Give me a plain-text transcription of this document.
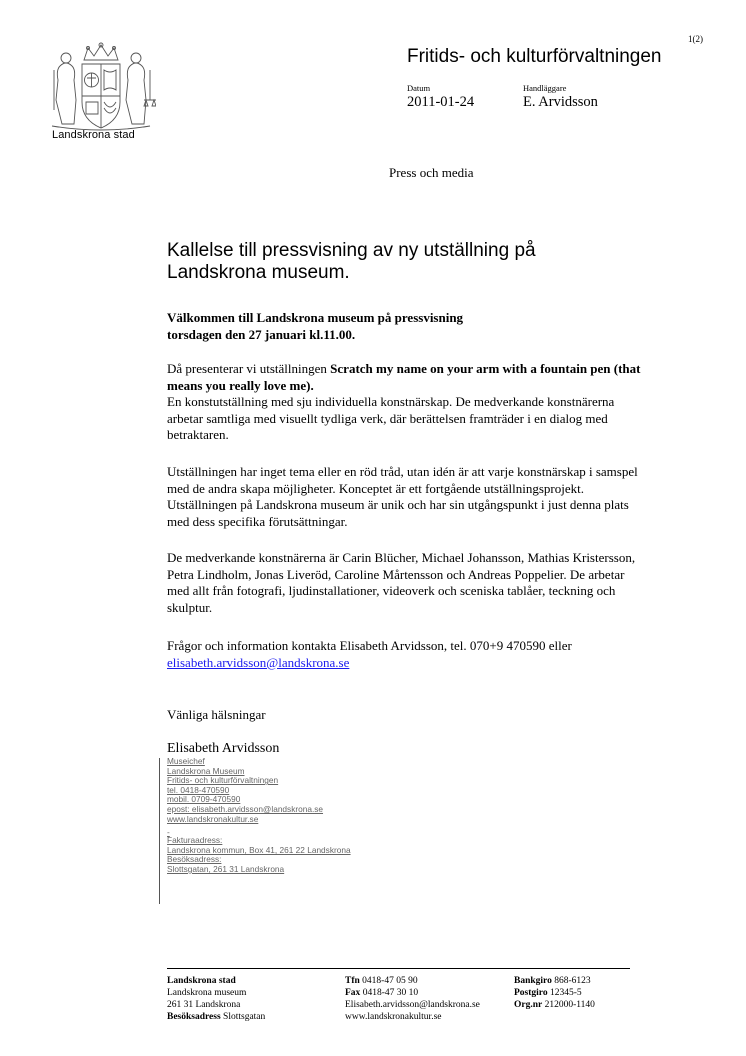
1(2)
Landskrona stad
Fritids- och kulturförvaltningen
Datum
2011-01-24
Handläggare
E. Arvidsson
Press och media
Kallelse till pressvisning av ny utställning på Landskrona museum.
Välkommen till Landskrona museum på pressvisning
torsdagen den 27 januari kl.11.00.
Då presenterar vi utställningen Scratch my name on your arm with a fountain pen (that means you really love me).
En konstutställning med sju individuella konstnärskap. De medverkande konstnärerna arbetar samtliga med visuellt tydliga verk, där berättelsen framträder i en dialog med betraktaren.
Utställningen har inget tema eller en röd tråd, utan idén är att varje konstnärskap i samspel med de andra skapa möjligheter. Konceptet är ett fortgående utställningsprojekt. Utställningen på Landskrona museum är unik och har sin utgångspunkt i just denna plats med dess specifika förutsättningar.
De medverkande konstnärerna är Carin Blücher, Michael Johansson, Mathias Kristersson, Petra Lindholm, Jonas Liveröd, Caroline Mårtensson och Andreas Poppelier. De arbetar med allt från fotografi, ljudinstallationer, videoverk och sceniska tablåer, teckning och skulptur.
Frågor och information kontakta Elisabeth Arvidsson, tel. 070+9 470590 eller
elisabeth.arvidsson@landskrona.se
Vänliga hälsningar
Elisabeth Arvidsson
Museichef
Landskrona Museum
Fritids- och kulturförvaltningen
tel. 0418-470590
mobil. 0709-470590
epost: elisabeth.arvidsson@landskrona.se
www.landskronakultur.se
-
Fakturaadress:
Landskrona kommun, Box 41, 261 22 Landskrona
Besöksadress:
Slottsgatan, 261 31 Landskrona
Landskrona stad
Landskrona museum
261 31 Landskrona
Besöksadress Slottsgatan
Tfn 0418-47 05 90
Fax 0418-47 30 10
Elisabeth.arvidsson@landskrona.se
www.landskronakultur.se
Bankgiro 868-6123
Postgiro 12345-5
Org.nr 212000-1140
